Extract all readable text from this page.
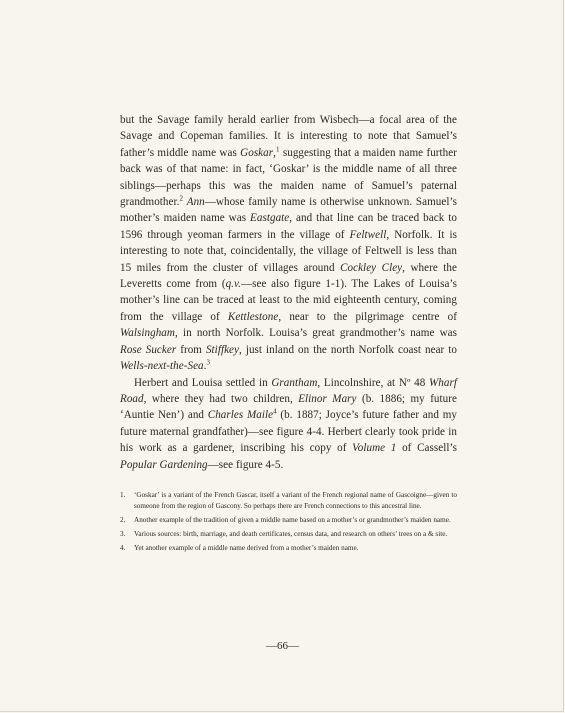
but the Savage family herald earlier from Wisbech—a focal area of the Savage and Copeman families. It is interesting to note that Samuel’s father’s middle name was Goskar,$^1$ suggesting that a maiden name further back was of that name: in fact, ‘Goskar’ is the middle name of all three siblings—perhaps this was the maiden name of Samuel’s paternal grandmother.$^2$ Ann—whose family name is otherwise unknown. Samuel’s mother’s maiden name was Eastgate, and that line can be traced back to 1596 through yeoman farmers in the village of Feltwell, Norfolk. It is interesting to note that, coincidentally, the village of Feltwell is less than 15 miles from the cluster of villages around Cockley Cley, where the Leveretts come from (q.v.—see also figure 1-1). The Lakes of Louisa’s mother’s line can be traced at least to the mid eighteenth century, coming from the village of Kettlestone, near to the pilgrimage centre of Walsingham, in north Norfolk. Louisa’s great grandmother’s name was Rose Sucker from Stiffkey, just inland on the north Norfolk coast near to Wells-next-the-Sea.$^3$

Herbert and Louisa settled in Grantham, Lincolnshire, at Nº 48 Wharf Road, where they had two children, Elinor Mary (b. 1886; my future ‘Auntie Nen’) and Charles Maile$^4$ (b. 1887; Joyce’s future father and my future maternal grandfather)—see figure 4-4. Herbert clearly took pride in his work as a gardener, inscribing his copy of Volume 1 of Cassell’s Popular Gardening—see figure 4-5.

1.	‘Goskar’ is a variant of the French Gascar, itself a variant of the French regional name of Gascoigne—given to someone from the region of Gascony. So perhaps there are French connections to this ancestral line.
2.	Another example of the tradition of given a middle name based on a mother’s or grandmother’s maiden name.
3.	Various sources: birth, marriage, and death certificates, census data, and research on others’ trees on a & site.
4.	Yet another example of a middle name derived from a mother’s maiden name.
—66—
